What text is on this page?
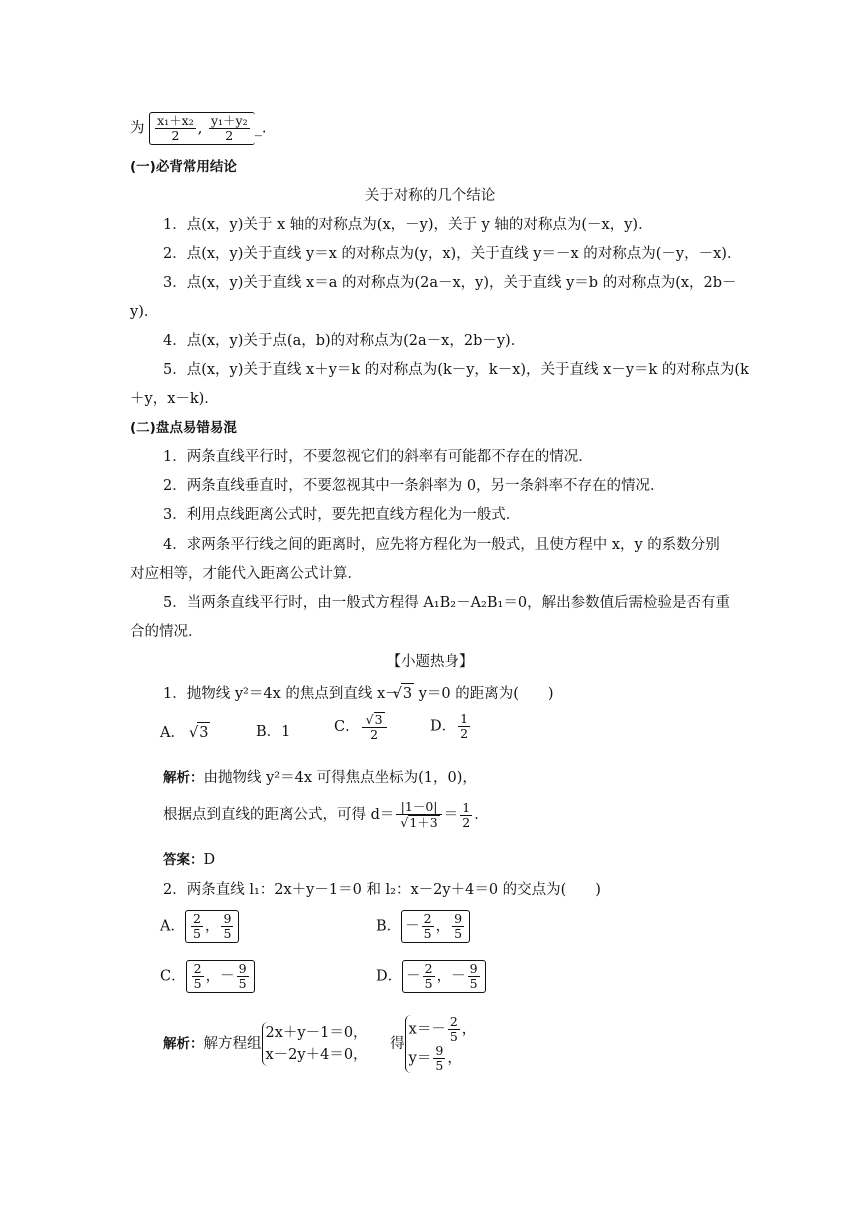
为 $\frac{\text{x₁＋x₂}}{2}$ , $\frac{\text{y₁＋y₂}}{2}$ _.
(一)必背常用结论
关于对称的几个结论
1．点(x，y)关于 x 轴的对称点为(x，－y)，关于 y 轴的对称点为(－x，y)．
2．点(x，y)关于直线 y＝x 的对称点为(y，x)，关于直线 y＝－x 的对称点为(－y，－x)．
3．点(x，y)关于直线 x＝a 的对称点为(2a－x，y)，关于直线 y＝b 的对称点为(x，2b－
y)．
4．点(x，y)关于点(a，b)的对称点为(2a－x，2b－y)．
5．点(x，y)关于直线 x＋y＝k 的对称点为(k－y，k－x)，关于直线 x－y＝k 的对称点为(k
＋y，x－k)．
(二)盘点易错易混
1．两条直线平行时，不要忽视它们的斜率有可能都不存在的情况．
2．两条直线垂直时，不要忽视其中一条斜率为 0，另一条斜率不存在的情况．
3．利用点线距离公式时，要先把直线方程化为一般式．
4．求两条平行线之间的距离时，应先将方程化为一般式，且使方程中 x，y 的系数分别
对应相等，才能代入距离公式计算．
5．当两条直线平行时，由一般式方程得 A₁B₂－A₂B₁＝0，解出参数值后需检验是否有重
合的情况．
【小题热身】
1．抛物线 y²＝4x 的焦点到直线 x－ √ 3 y＝0 的距离为(　　)
A． √ 3	B．1	C． √ $\frac{3}{2}$	D． $\frac{1}{2}$
解析：由抛物线 y²＝4x 可得焦点坐标为(1，0)，
根据点到直线的距离公式，可得 d＝ |1－0|
√ $1+3 = \frac{1}{2}$ ．
答案：D
2．两条直线 l₁：2x＋y－1＝0 和 l₂：x－2y＋4＝0 的交点为(　　)
A． $\frac{2}{5}$ ， $\frac{9}{5}$	B． － $\frac{2}{5}$ ， $\frac{9}{5}$
C． $\frac{2}{5}$ ，－ $\frac{9}{5}$	D． － $\frac{2}{5}$ ，－ $\frac{9}{5}$
解析：解方程组
2x＋y－1＝0，
x－2y＋4＝0，
得
$x=- \frac{2}{5}$ ，
$y= \frac{9}{5}$ ，
